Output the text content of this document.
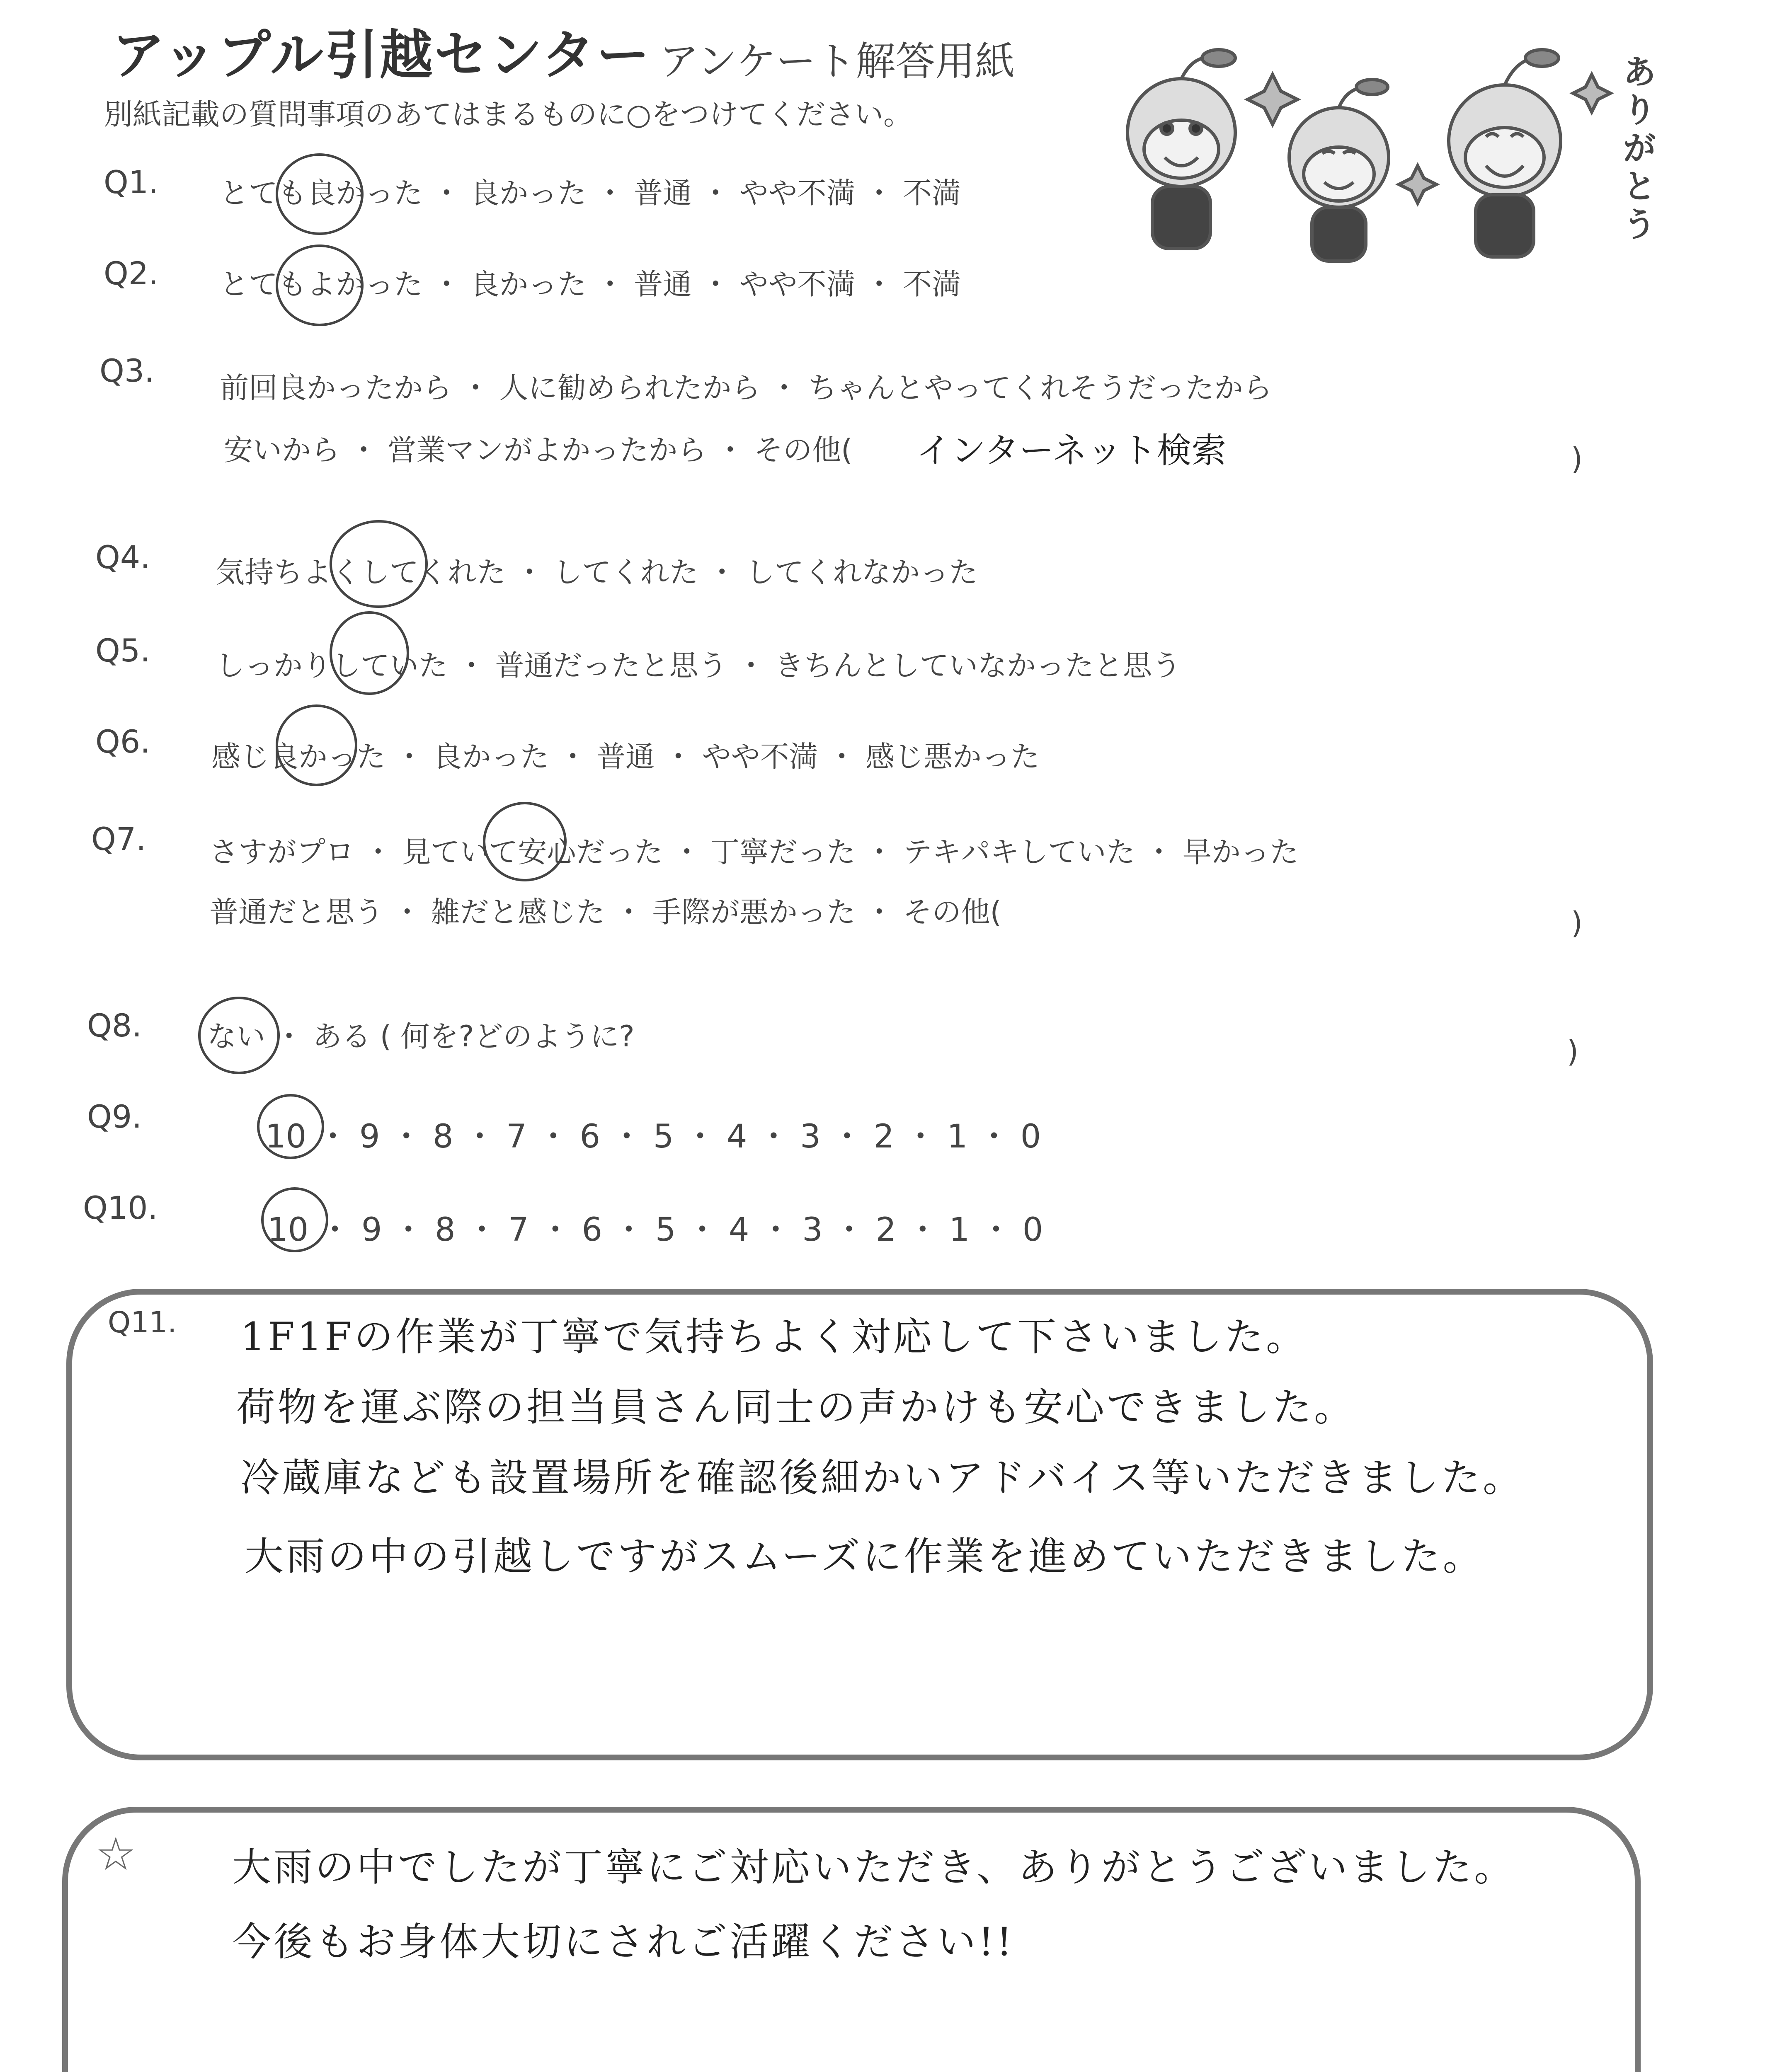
アップル引越センター アンケート解答用紙
別紙記載の質問事項のあてはまるものに○をつけてください。	ありがとう
Q1. とても良かった ・ 良かった ・ 普通 ・ やや不満 ・ 不満
Q2. とてもよかった ・ 良かった ・ 普通 ・ やや不満 ・ 不満
Q3. 前回良かったから ・ 人に勧められたから ・ ちゃんとやってくれそうだったから
安いから ・ 営業マンがよかったから ・ その他( インターネット検索	)
Q4. 気持ちよくしてくれた ・ してくれた ・ してくれなかった
Q5. しっかりしていた ・ 普通だったと思う ・ きちんとしていなかったと思う
Q6. 感じ良かった ・ 良かった ・ 普通 ・ やや不満 ・ 感じ悪かった
Q7. さすがプロ ・ 見ていて安心だった ・ 丁寧だった ・ テキパキしていた ・ 早かった
普通だと思う ・ 雑だと感じた ・ 手際が悪かった ・ その他(	)
Q8. ない ・ ある ( 何を?どのように?	)
Q9.
10 ・ 9 ・ 8 ・ 7 ・ 6 ・ 5 ・ 4 ・ 3 ・ 2 ・ 1 ・ 0
Q10.
10 ・ 9 ・ 8 ・ 7 ・ 6 ・ 5 ・ 4 ・ 3 ・ 2 ・ 1 ・ 0
Q11. 1F1Fの作業が丁寧で気持ちよく対応して下さいました。
荷物を運ぶ際の担当員さん同士の声かけも安心できました。
冷蔵庫なども設置場所を確認後細かいアドバイス等いただきました。
大雨の中の引越しですがスムーズに作業を進めていただきました。
☆ 大雨の中でしたが丁寧にご対応いただき、ありがとうございました。
今後もお身体大切にされご活躍ください!!
